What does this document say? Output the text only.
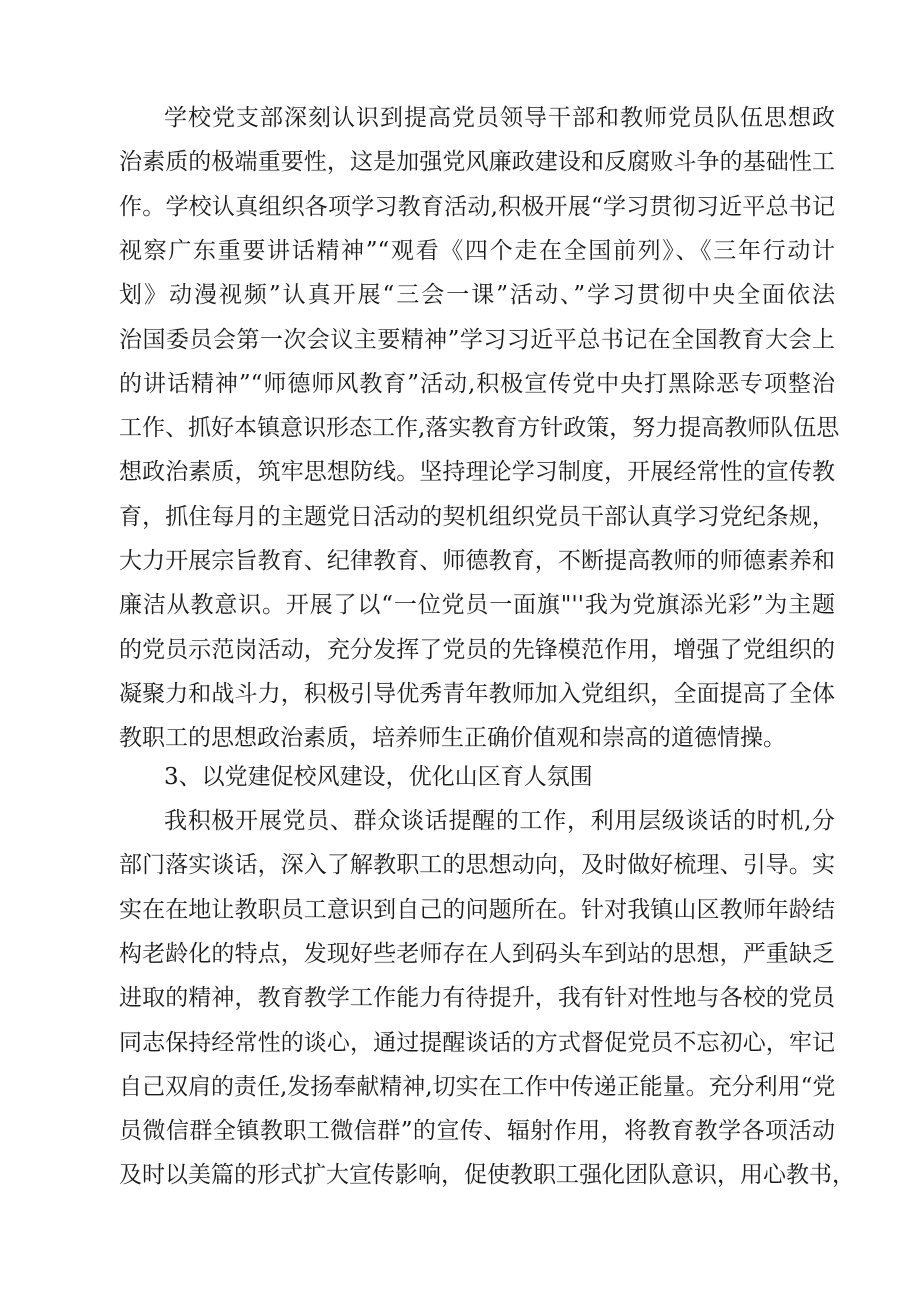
学校党支部深刻认识到提高党员领导干部和教师党员队伍思想政
治素质的极端重要性，这是加强党风廉政建设和反腐败斗争的基础性工
作。学校认真组织各项学习教育活动,积极开展“学习贯彻习近平总书记
视察广东重要讲话精神”“观看《四个走在全国前列》、《三年行动计
划》动漫视频”认真开展“三会一课”活动、”学习贯彻中央全面依法
治国委员会第一次会议主要精神”学习习近平总书记在全国教育大会上
的讲话精神”“师德师风教育”活动,积极宣传党中央打黑除恶专项整治
工作、抓好本镇意识形态工作,落实教育方针政策，努力提高教师队伍思
想政治素质，筑牢思想防线。坚持理论学习制度，开展经常性的宣传教
育，抓住每月的主题党日活动的契机组织党员干部认真学习党纪条规，
大力开展宗旨教育、纪律教育、师德教育，不断提高教师的师德素养和
廉洁从教意识。开展了以“一位党员一面旗"''我为党旗添光彩”为主题
的党员示范岗活动，充分发挥了党员的先锋模范作用，增强了党组织的
凝聚力和战斗力，积极引导优秀青年教师加入党组织，全面提高了全体
教职工的思想政治素质，培养师生正确价值观和崇高的道德情操。
3、以党建促校风建设，优化山区育人氛围
我积极开展党员、群众谈话提醒的工作，利用层级谈话的时机,分
部门落实谈话，深入了解教职工的思想动向，及时做好梳理、引导。实
实在在地让教职员工意识到自己的问题所在。针对我镇山区教师年龄结
构老龄化的特点，发现好些老师存在人到码头车到站的思想，严重缺乏
进取的精神，教育教学工作能力有待提升，我有针对性地与各校的党员
同志保持经常性的谈心，通过提醒谈话的方式督促党员不忘初心，牢记
自己双肩的责任,发扬奉献精神,切实在工作中传递正能量。充分利用“党
员微信群全镇教职工微信群”的宣传、辐射作用，将教育教学各项活动
及时以美篇的形式扩大宣传影响，促使教职工强化团队意识，用心教书，
